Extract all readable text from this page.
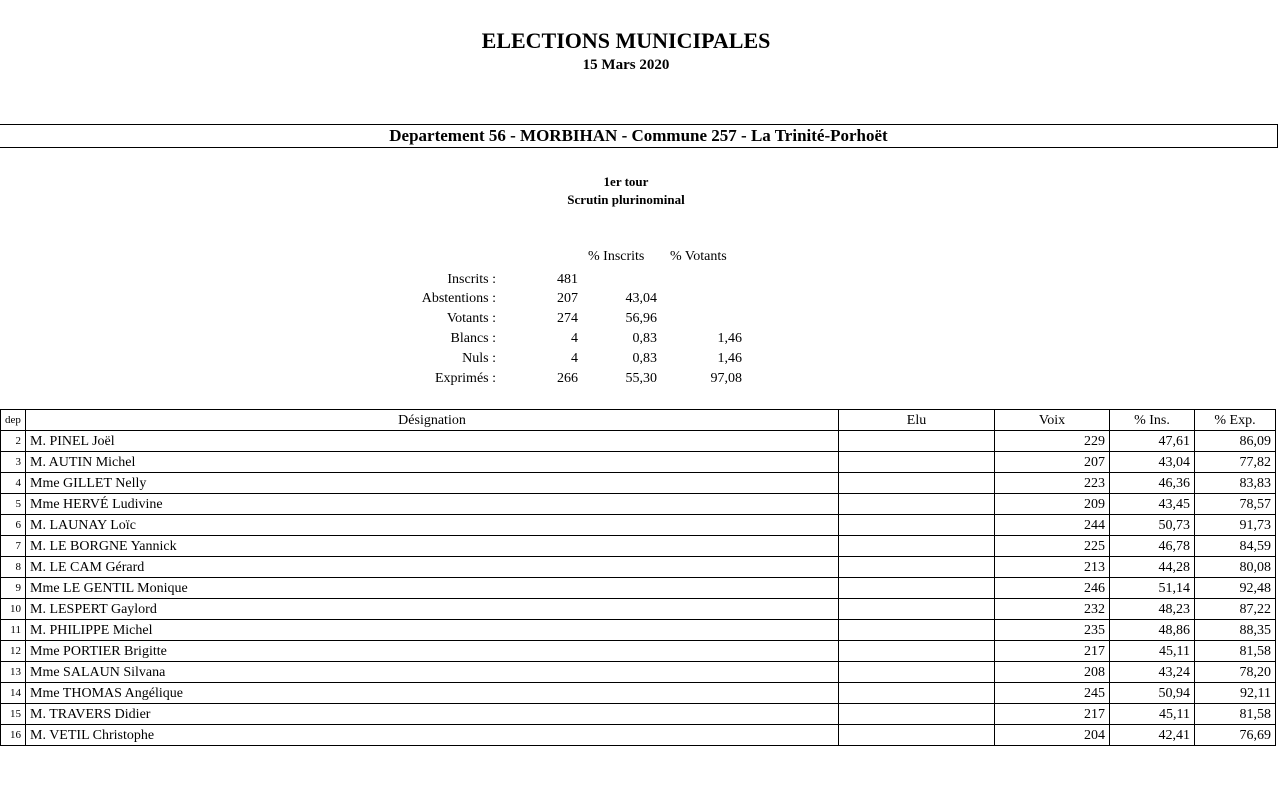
ELECTIONS MUNICIPALES
15 Mars 2020
Departement 56 - MORBIHAN - Commune 257 - La Trinité-Porhoët
1er tour
Scrutin plurinominal
% Inscrits % Votants
Inscrits :	481
Abstentions :	207	43,04
Votants :	274	56,96
Blancs :	4	0,83	1,46
Nuls :	4	0,83	1,46
Exprimés :	266	55,30	97,08
dep	Désignation	Elu	Voix	% Ins.	% Exp.
2	M. PINEL Joël		229	47,61	86,09
3	M. AUTIN Michel		207	43,04	77,82
4	Mme GILLET Nelly		223	46,36	83,83
5	Mme HERVÉ Ludivine		209	43,45	78,57
6	M. LAUNAY Loïc		244	50,73	91,73
7	M. LE BORGNE Yannick		225	46,78	84,59
8	M. LE CAM Gérard		213	44,28	80,08
9	Mme LE GENTIL Monique		246	51,14	92,48
10	M. LESPERT Gaylord		232	48,23	87,22
11	M. PHILIPPE Michel		235	48,86	88,35
12	Mme PORTIER Brigitte		217	45,11	81,58
13	Mme SALAUN Silvana		208	43,24	78,20
14	Mme THOMAS Angélique		245	50,94	92,11
15	M. TRAVERS Didier		217	45,11	81,58
16	M. VETIL Christophe		204	42,41	76,69
